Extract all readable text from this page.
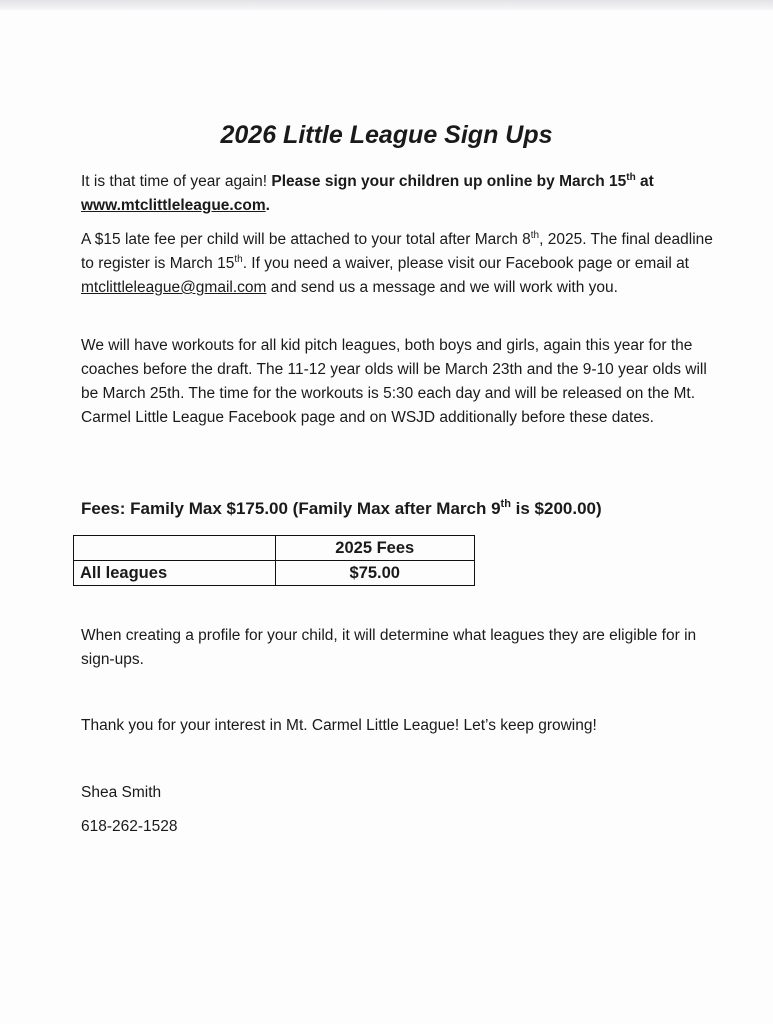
2026 Little League Sign Ups

It is that time of year again! Please sign your children up online by March 15th at
www.mtclittleleague.com.

A $15 late fee per child will be attached to your total after March 8th, 2025. The final deadline to register is March 15th. If you need a waiver, please visit our Facebook page or email at mtclittleleague@gmail.com and send us a message and we will work with you.

We will have workouts for all kid pitch leagues, both boys and girls, again this year for the coaches before the draft. The 11-12 year olds will be March 23th and the 9-10 year olds will be March 25th. The time for the workouts is 5:30 each day and will be released on the Mt. Carmel Little League Facebook page and on WSJD additionally before these dates.

Fees: Family Max $175.00 (Family Max after March 9th is $200.00)

	2025 Fees
All leagues	$75.00

When creating a profile for your child, it will determine what leagues they are eligible for in sign-ups.

Thank you for your interest in Mt. Carmel Little League! Let’s keep growing!

Shea Smith

618-262-1528
